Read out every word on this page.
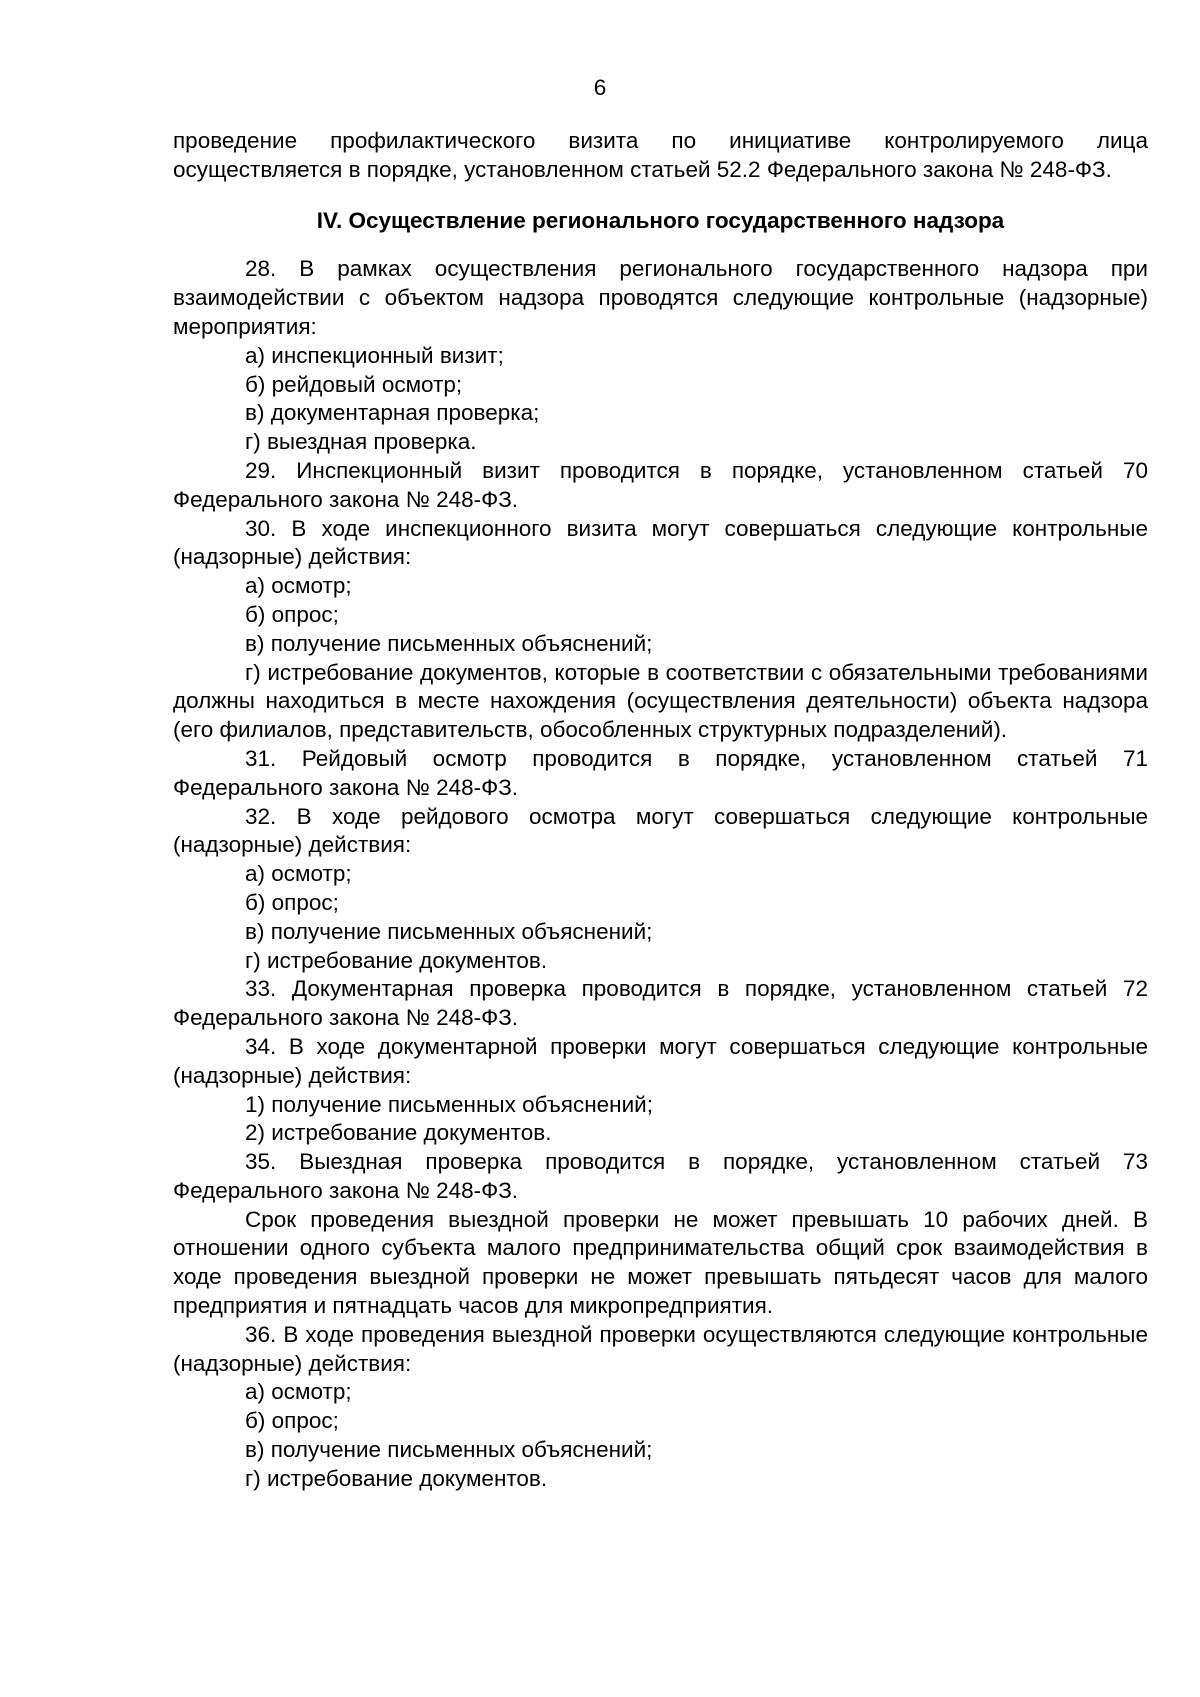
6

проведение профилактического визита по инициативе контролируемого лица осуществляется в порядке, установленном статьей 52.2 Федерального закона № 248-ФЗ.

IV. Осуществление регионального государственного надзора

28. В рамках осуществления регионального государственного надзора при взаимодействии с объектом надзора проводятся следующие контрольные (надзорные) мероприятия:

а) инспекционный визит;

б) рейдовый осмотр;

в) документарная проверка;

г) выездная проверка.

29. Инспекционный визит проводится в порядке, установленном статьей 70 Федерального закона № 248-ФЗ.

30. В ходе инспекционного визита могут совершаться следующие контрольные (надзорные) действия:

а) осмотр;

б) опрос;

в) получение письменных объяснений;

г) истребование документов, которые в соответствии с обязательными требованиями должны находиться в месте нахождения (осуществления деятельности) объекта надзора (его филиалов, представительств, обособленных структурных подразделений).

31. Рейдовый осмотр проводится в порядке, установленном статьей 71 Федерального закона № 248-ФЗ.

32. В ходе рейдового осмотра могут совершаться следующие контрольные (надзорные) действия:

а) осмотр;

б) опрос;

в) получение письменных объяснений;

г) истребование документов.

33. Документарная проверка проводится в порядке, установленном статьей 72 Федерального закона № 248-ФЗ.

34. В ходе документарной проверки могут совершаться следующие контрольные (надзорные) действия:

1) получение письменных объяснений;

2) истребование документов.

35. Выездная проверка проводится в порядке, установленном статьей 73 Федерального закона № 248-ФЗ.

Срок проведения выездной проверки не может превышать 10 рабочих дней. В отношении одного субъекта малого предпринимательства общий срок взаимодействия в ходе проведения выездной проверки не может превышать пятьдесят часов для малого предприятия и пятнадцать часов для микропредприятия.

36. В ходе проведения выездной проверки осуществляются следующие контрольные (надзорные) действия:

а) осмотр;

б) опрос;

в) получение письменных объяснений;

г) истребование документов.
